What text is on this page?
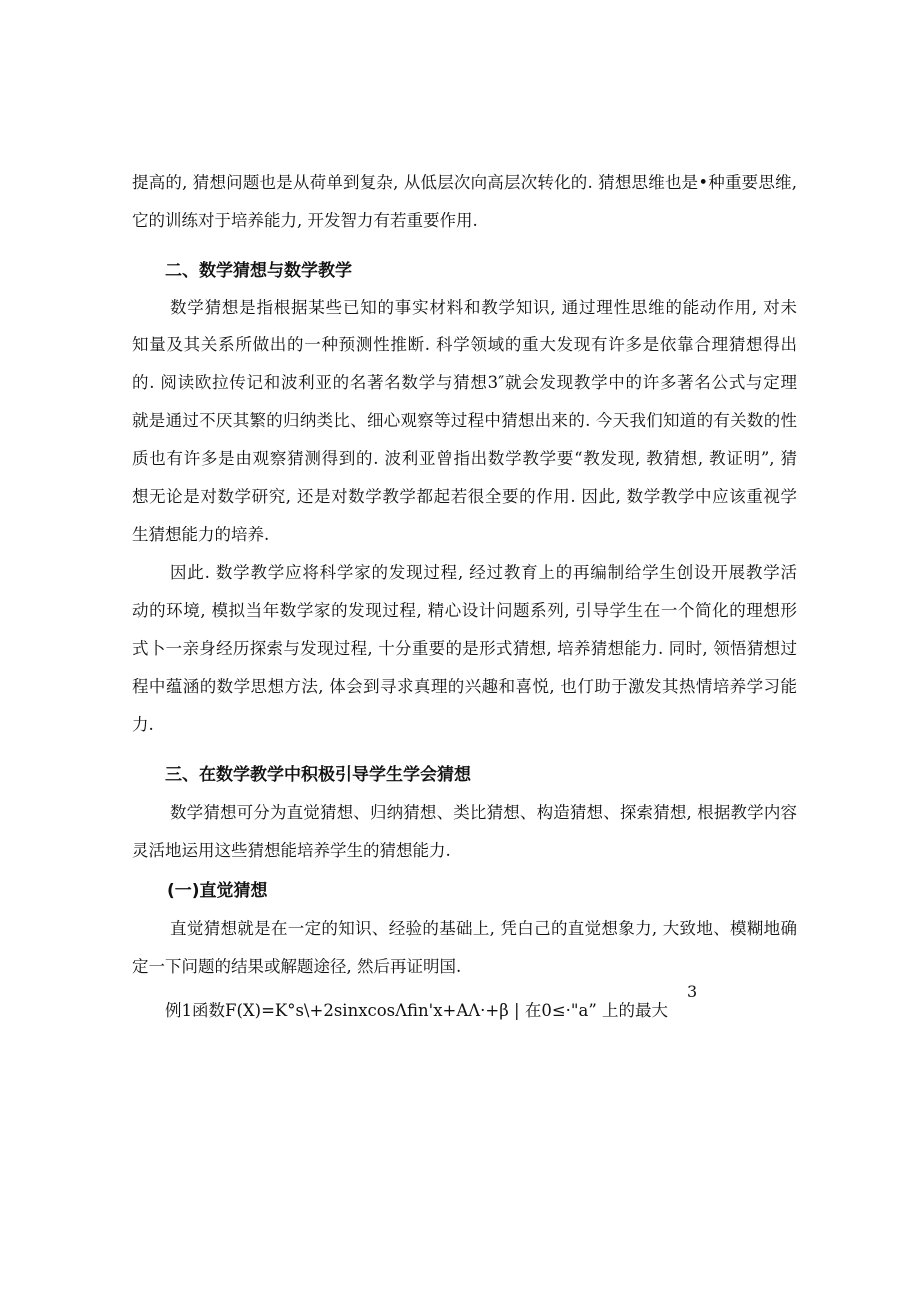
提高的, 猜想问题也是从荷单到复杂, 从低层次向高层次转化的. 猜想思维也是•种重要思维,
它的训练对于培养能力, 开发智力有若重要作用.
二、数学猜想与数学教学
数学猜想是指根据某些已知的事实材料和教学知识, 通过理性思维的能动作用, 对未
知量及其关系所做出的一种预测性推断. 科学领域的重大发现有许多是依靠合理猜想得出
的. 阅读欧拉传记和波利亚的名著名数学与猜想3″就会发现教学中的许多著名公式与定理
就是通过不厌其繁的归纳类比、细心观察等过程中猜想出来的. 今天我们知道的有关数的性
质也有许多是由观察猜测得到的. 波利亚曾指出数学教学要“教发现, 教猜想, 教证明”, 猜
想无论是对数学研究, 还是对数学教学都起若很全要的作用. 因此, 数学教学中应该重视学
生猜想能力的培养.
因此. 数学教学应将科学家的发现过程, 经过教育上的再编制给学生创设开展教学活
动的环境, 模拟当年数学家的发现过程, 精心设计问题系列, 引导学生在一个简化的理想形
式卜一亲身经历探索与发现过程, 十分重要的是形式猜想, 培养猜想能力. 同时, 领悟猜想过
程中蕴涵的数学思想方法, 体会到寻求真理的兴趣和喜悦, 也仃助于激发其热情培养学习能
力.
三、在数学教学中积极引导学生学会猜想
数学猜想可分为直觉猜想、归纳猜想、类比猜想、构造猜想、探索猜想, 根据教学内容
灵活地运用这些猜想能培养学生的猜想能力.
(一)直觉猜想
直觉猜想就是在一定的知识、经验的基础上, 凭白己的直觉想象力, 大致地、模糊地确
定一下问题的结果或解题途径, 然后再证明国.
3
例1函数F(X)=K°s\+2sinxcosΛfin'x+AΛ·+β | 在0≤·"a” 上的最大
